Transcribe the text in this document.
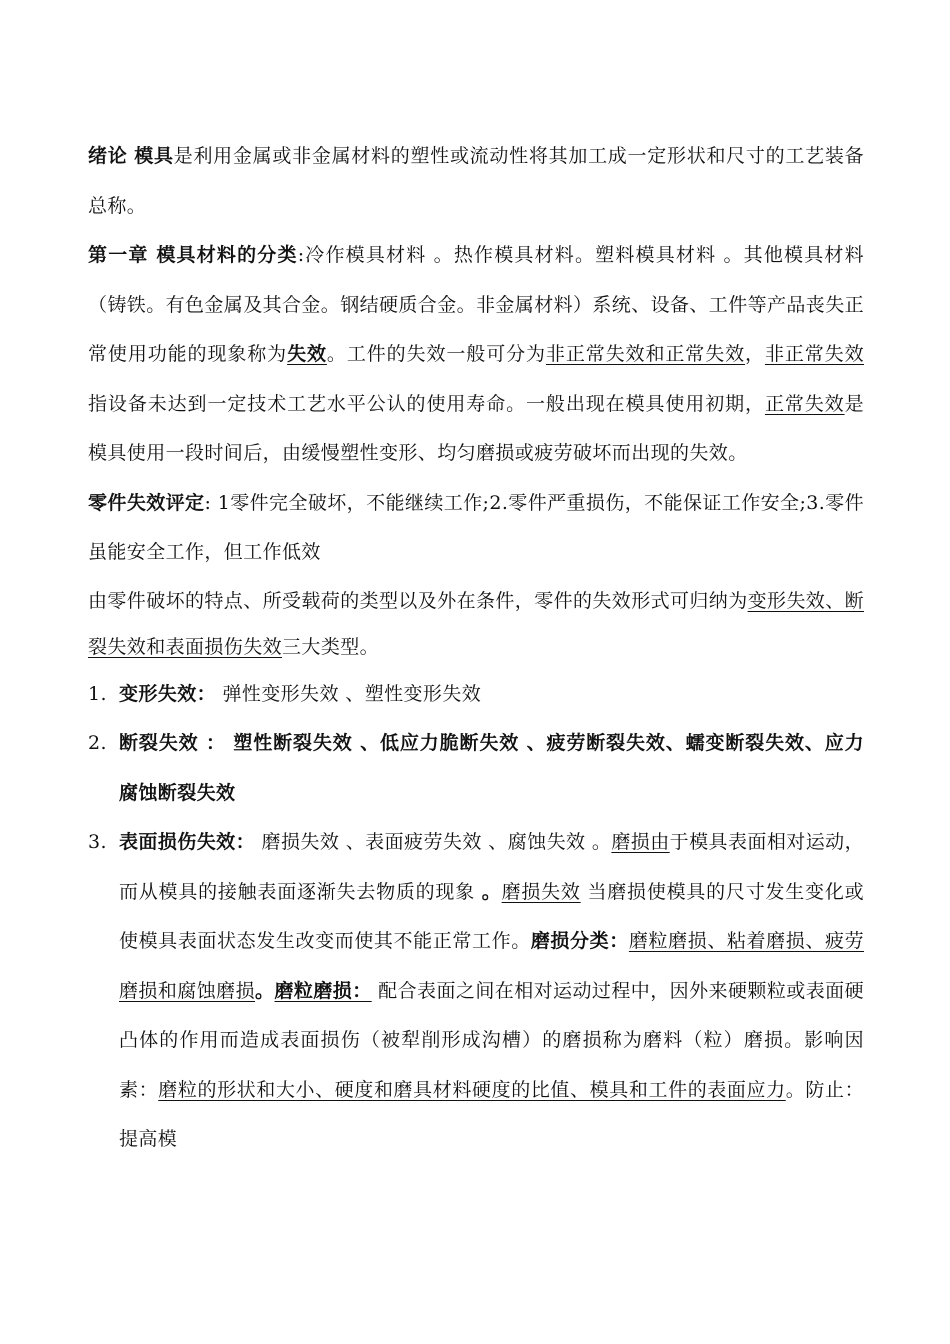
绪论 模具是利用金属或非金属材料的塑性或流动性将其加工成一定形状和尺寸的工艺装备总称。

第一章 模具材料的分类:冷作模具材料 。热作模具材料。塑料模具材料 。其他模具材料（铸铁。有色金属及其合金。钢结硬质合金。非金属材料）系统、设备、工件等产品丧失正常使用功能的现象称为失效。工件的失效一般可分为非正常失效和正常失效，非正常失效指设备未达到一定技术工艺水平公认的使用寿命。一般出现在模具使用初期，正常失效是模具使用一段时间后，由缓慢塑性变形、均匀磨损或疲劳破坏而出现的失效。

零件失效评定: 1零件完全破坏，不能继续工作;2.零件严重损伤，不能保证工作安全;3.零件虽能安全工作，但工作低效

由零件破坏的特点、所受载荷的类型以及外在条件，零件的失效形式可归纳为变形失效、断裂失效和表面损伤失效三大类型。

1. 变形失效： 弹性变形失效 、塑性变形失效

2. 断裂失效 ： 塑性断裂失效 、低应力脆断失效 、疲劳断裂失效、蠕变断裂失效、应力腐蚀断裂失效

3. 表面损伤失效： 磨损失效 、表面疲劳失效 、腐蚀失效 。磨损由于模具表面相对运动，而从模具的接触表面逐渐失去物质的现象 。磨损失效 当磨损使模具的尺寸发生变化或使模具表面状态发生改变而使其不能正常工作。磨损分类：磨粒磨损、粘着磨损、疲劳磨损和腐蚀磨损。磨粒磨损： 配合表面之间在相对运动过程中，因外来硬颗粒或表面硬凸体的作用而造成表面损伤（被犁削形成沟槽）的磨损称为磨料（粒）磨损。影响因素：磨粒的形状和大小、硬度和磨具材料硬度的比值、模具和工件的表面应力。防止：提高模
